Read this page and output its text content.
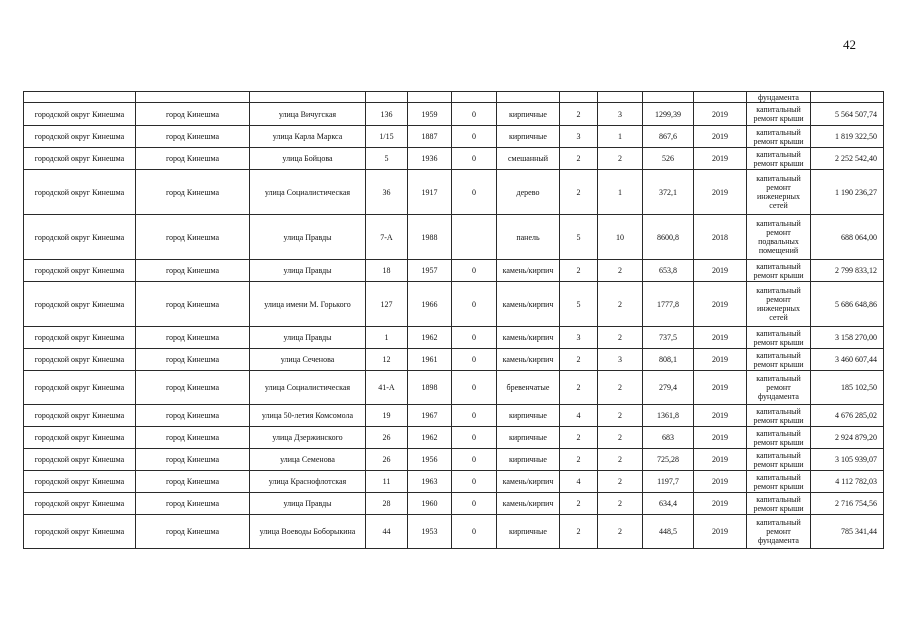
42
											фундамента	
городской округ Кинешма	город Кинешма	улица Вичугская	136	1959	0	кирпичные	2	3	1299,39	2019	капитальный ремонт крыши	5 564 507,74
городской округ Кинешма	город Кинешма	улица Карла Маркса	1/15	1887	0	кирпичные	3	1	867,6	2019	капитальный ремонт крыши	1 819 322,50
городской округ Кинешма	город Кинешма	улица Бойцова	5	1936	0	смешанный	2	2	526	2019	капитальный ремонт крыши	2 252 542,40
городской округ Кинешма	город Кинешма	улица Социалистическая	36	1917	0	дерево	2	1	372,1	2019	капитальный ремонт инженерных сетей	1 190 236,27
городской округ Кинешма	город Кинешма	улица Правды	7-А	1988		панель	5	10	8600,8	2018	капитальный ремонт подвальных помещений	688 064,00
городской округ Кинешма	город Кинешма	улица Правды	18	1957	0	камень/кирпич	2	2	653,8	2019	капитальный ремонт крыши	2 799 833,12
городской округ Кинешма	город Кинешма	улица имени М. Горького	127	1966	0	камень/кирпич	5	2	1777,8	2019	капитальный ремонт инженерных сетей	5 686 648,86
городской округ Кинешма	город Кинешма	улица Правды	1	1962	0	камень/кирпич	3	2	737,5	2019	капитальный ремонт крыши	3 158 270,00
городской округ Кинешма	город Кинешма	улица Сеченова	12	1961	0	камень/кирпич	2	3	808,1	2019	капитальный ремонт крыши	3 460 607,44
городской округ Кинешма	город Кинешма	улица Социалистическая	41-А	1898	0	бревенчатые	2	2	279,4	2019	капитальный ремонт фундамента	185 102,50
городской округ Кинешма	город Кинешма	улица 50-летия Комсомола	19	1967	0	кирпичные	4	2	1361,8	2019	капитальный ремонт крыши	4 676 285,02
городской округ Кинешма	город Кинешма	улица Дзержинского	26	1962	0	кирпичные	2	2	683	2019	капитальный ремонт крыши	2 924 879,20
городской округ Кинешма	город Кинешма	улица Семенова	26	1956	0	кирпичные	2	2	725,28	2019	капитальный ремонт крыши	3 105 939,07
городской округ Кинешма	город Кинешма	улица Краснофлотская	11	1963	0	камень/кирпич	4	2	1197,7	2019	капитальный ремонт крыши	4 112 782,03
городской округ Кинешма	город Кинешма	улица Правды	28	1960	0	камень/кирпич	2	2	634,4	2019	капитальный ремонт крыши	2 716 754,56
городской округ Кинешма	город Кинешма	улица Воеводы Боборыкина	44	1953	0	кирпичные	2	2	448,5	2019	капитальный ремонт фундамента	785 341,44
